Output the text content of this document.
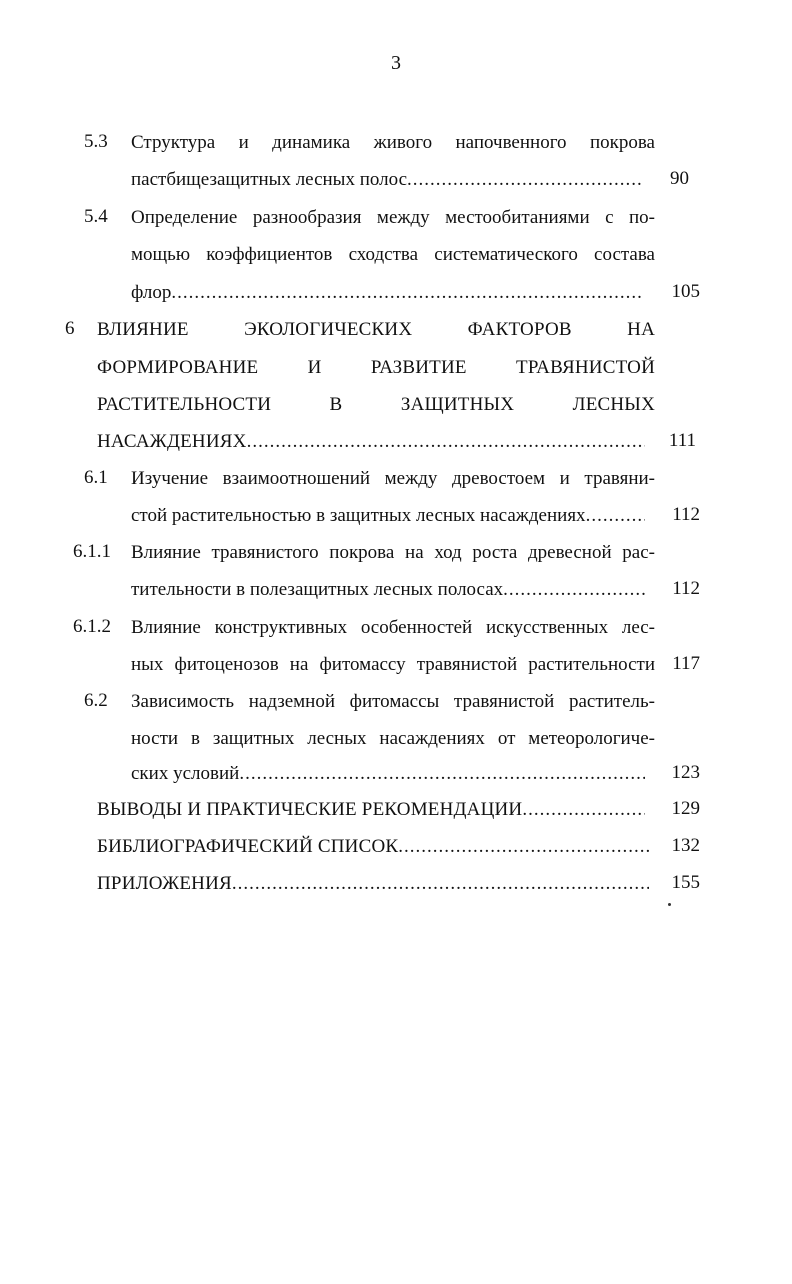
3
5.3 Структура и динамика живого напочвенного покрова
пастбищезащитных лесных полос .....	90
5.4 Определение разнообразия между местообитаниями с по-
мощью коэффициентов сходства систематического состава
флор .....	105
6 ВЛИЯНИЕ ЭКОЛОГИЧЕСКИХ ФАКТОРОВ НА
ФОРМИРОВАНИЕ И РАЗВИТИЕ ТРАВЯНИСТОЙ
РАСТИТЕЛЬНОСТИ В ЗАЩИТНЫХ ЛЕСНЫХ
НАСАЖДЕНИЯХ .....	111
6.1 Изучение взаимоотношений между древостоем и травяни-
стой растительностью в защитных лесных насаждениях .....	112
6.1.1 Влияние травянистого покрова на ход роста древесной рас-
тительности в полезащитных лесных полосах .....	112
6.1.2 Влияние конструктивных особенностей искусственных лес-
ных фитоценозов на фитомассу травянистой растительности 117
6.2 Зависимость надземной фитомассы травянистой раститель-
ности в защитных лесных насаждениях от метеорологиче-
ских условий .....	123
ВЫВОДЫ И ПРАКТИЧЕСКИЕ РЕКОМЕНДАЦИИ .....	129
БИБЛИОГРАФИЧЕСКИЙ СПИСОК .....	132
ПРИЛОЖЕНИЯ .....	155
